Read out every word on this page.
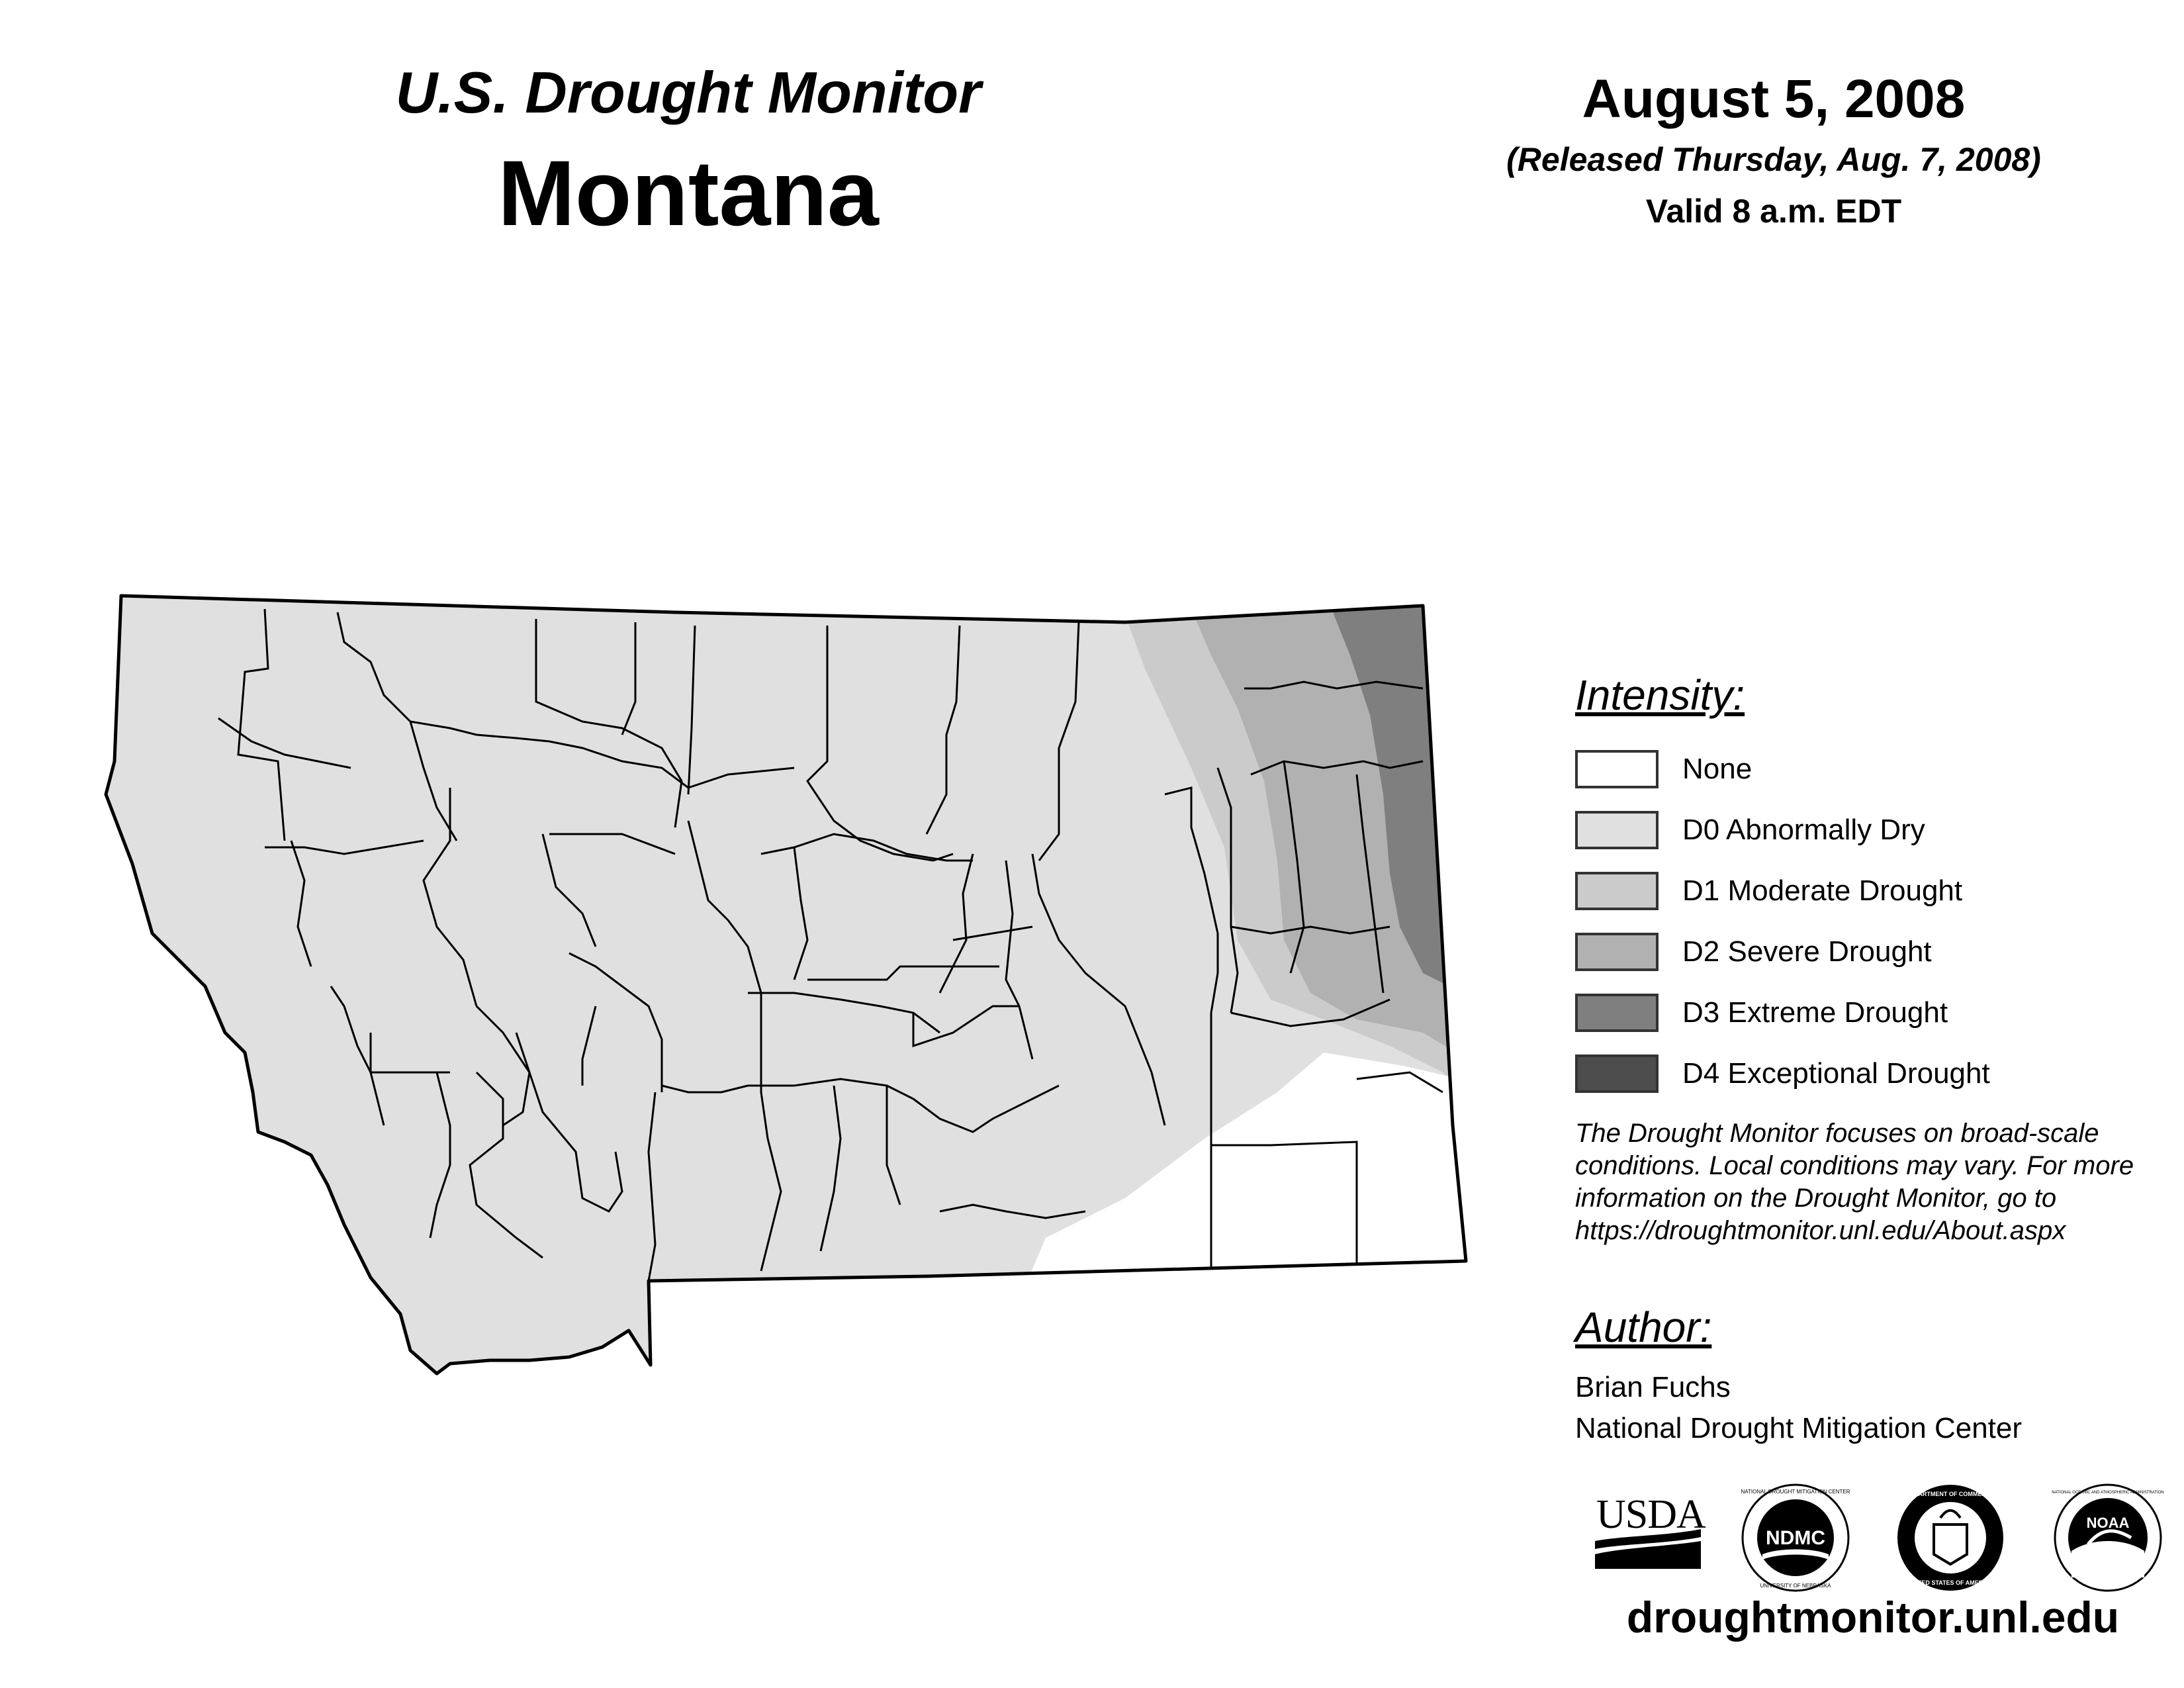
U.S. Drought Monitor
Montana
August 5, 2008
(Released Thursday, Aug. 7, 2008)
Valid 8 a.m. EDT
Intensity:
None
D0 Abnormally Dry
D1 Moderate Drought
D2 Severe Drought
D3 Extreme Drought
D4 Exceptional Drought
The Drought Monitor focuses on broad-scale
conditions. Local conditions may vary. For more
information on the Drought Monitor, go to
https://droughtmonitor.unl.edu/About.aspx
Author:
Brian Fuchs
National Drought Mitigation Center
USDA
NDMC
NATIONAL DROUGHT MITIGATION CENTER
UNIVERSITY OF NEBRASKA
DEPARTMENT OF COMMERCE
UNITED STATES OF AMERICA
NOAA
NATIONAL OCEANIC AND ATMOSPHERIC ADMINISTRATION
droughtmonitor.unl.edu
